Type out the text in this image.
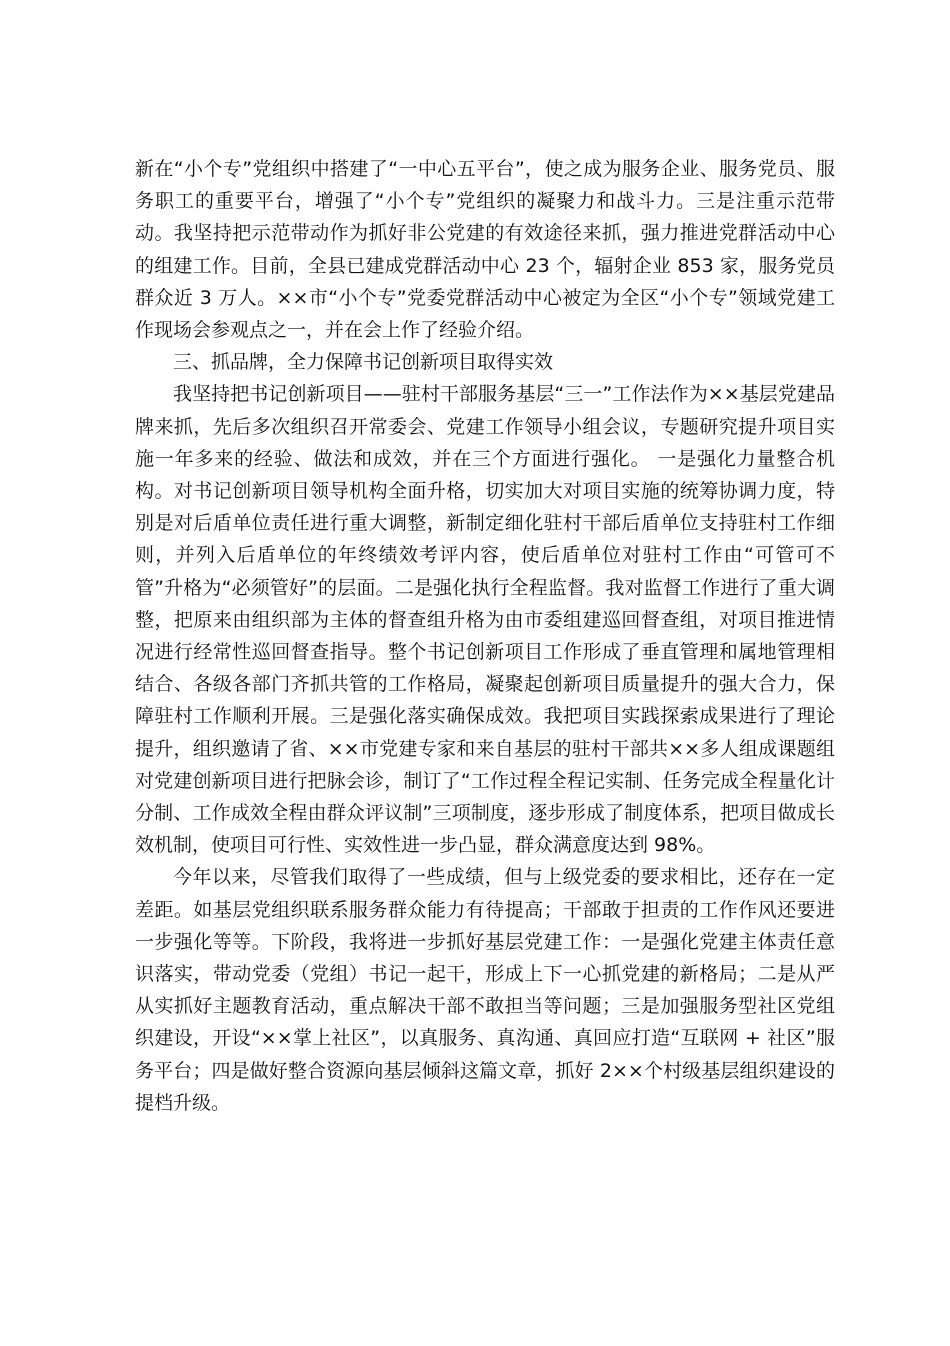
新在“小个专”党组织中搭建了“一中心五平台”，使之成为服务企业、服务党员、服务职工的重要平台，增强了“小个专”党组织的凝聚力和战斗力。三是注重示范带动。我坚持把示范带动作为抓好非公党建的有效途径来抓，强力推进党群活动中心的组建工作。目前，全县已建成党群活动中心 23 个，辐射企业 853 家，服务党员群众近 3 万人。××市“小个专”党委党群活动中心被定为全区“小个专”领域党建工作现场会参观点之一，并在会上作了经验介绍。

三、抓品牌，全力保障书记创新项目取得实效

我坚持把书记创新项目——驻村干部服务基层“三一”工作法作为××基层党建品牌来抓，先后多次组织召开常委会、党建工作领导小组会议，专题研究提升项目实施一年多来的经验、做法和成效，并在三个方面进行强化。 一是强化力量整合机构。对书记创新项目领导机构全面升格，切实加大对项目实施的统筹协调力度，特别是对后盾单位责任进行重大调整，新制定细化驻村干部后盾单位支持驻村工作细则，并列入后盾单位的年终绩效考评内容，使后盾单位对驻村工作由“可管可不管”升格为“必须管好”的层面。二是强化执行全程监督。我对监督工作进行了重大调整，把原来由组织部为主体的督查组升格为由市委组建巡回督查组，对项目推进情况进行经常性巡回督查指导。整个书记创新项目工作形成了垂直管理和属地管理相结合、各级各部门齐抓共管的工作格局，凝聚起创新项目质量提升的强大合力，保障驻村工作顺利开展。三是强化落实确保成效。我把项目实践探索成果进行了理论提升，组织邀请了省、××市党建专家和来自基层的驻村干部共××多人组成课题组对党建创新项目进行把脉会诊，制订了“工作过程全程记实制、任务完成全程量化计分制、工作成效全程由群众评议制”三项制度，逐步形成了制度体系，把项目做成长效机制，使项目可行性、实效性进一步凸显，群众满意度达到 98%。

今年以来，尽管我们取得了一些成绩，但与上级党委的要求相比，还存在一定差距。如基层党组织联系服务群众能力有待提高；干部敢于担责的工作作风还要进一步强化等等。下阶段，我将进一步抓好基层党建工作：一是强化党建主体责任意识落实，带动党委（党组）书记一起干，形成上下一心抓党建的新格局；二是从严从实抓好主题教育活动，重点解决干部不敢担当等问题；三是加强服务型社区党组织建设，开设“××掌上社区”，以真服务、真沟通、真回应打造“互联网 + 社区”服务平台；四是做好整合资源向基层倾斜这篇文章，抓好 2××个村级基层组织建设的提档升级。
